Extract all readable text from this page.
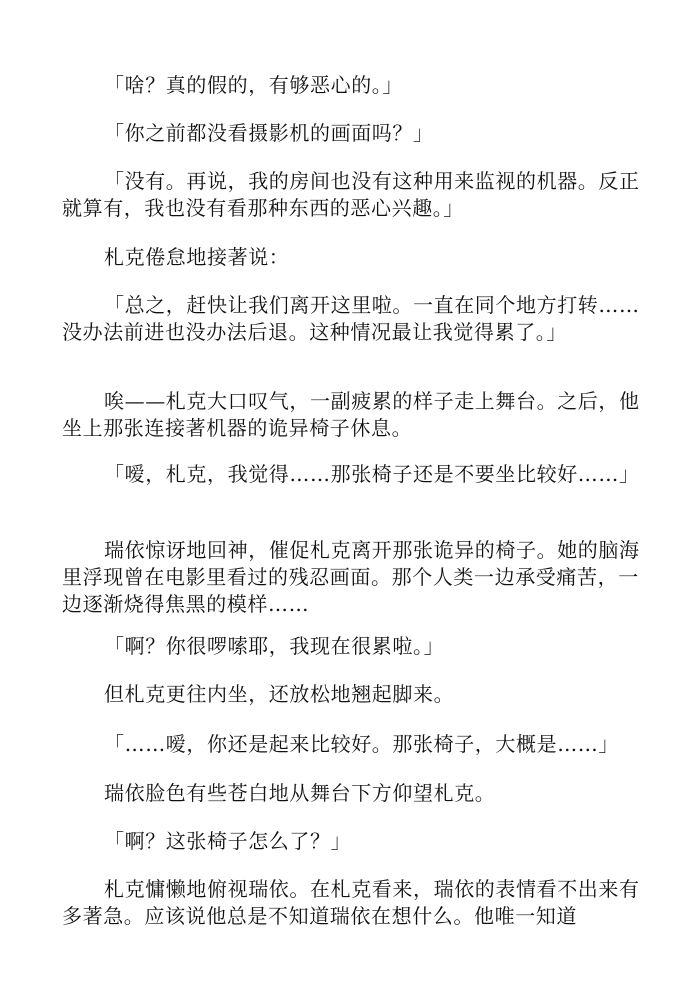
「啥？真的假的，有够恶心的。」

「你之前都没看摄影机的画面吗？」

「没有。再说，我的房间也没有这种用来监视的机器。反正就算有，我也没有看那种东西的恶心兴趣。」

札克倦怠地接著说：

「总之，赶快让我们离开这里啦。一直在同个地方打转……没办法前进也没办法后退。这种情况最让我觉得累了。」

唉——札克大口叹气，一副疲累的样子走上舞台。之后，他坐上那张连接著机器的诡异椅子休息。

「嗳，札克，我觉得……那张椅子还是不要坐比较好……」

瑞依惊讶地回神，催促札克离开那张诡异的椅子。她的脑海里浮现曾在电影里看过的残忍画面。那个人类一边承受痛苦，一边逐渐烧得焦黑的模样……

「啊？你很啰嗦耶，我现在很累啦。」

但札克更往内坐，还放松地翘起脚来。

「……嗳，你还是起来比较好。那张椅子，大概是……」

瑞依脸色有些苍白地从舞台下方仰望札克。

「啊？这张椅子怎么了？」

札克慵懒地俯视瑞依。在札克看来，瑞依的表情看不出来有多著急。应该说他总是不知道瑞依在想什么。他唯一知道
